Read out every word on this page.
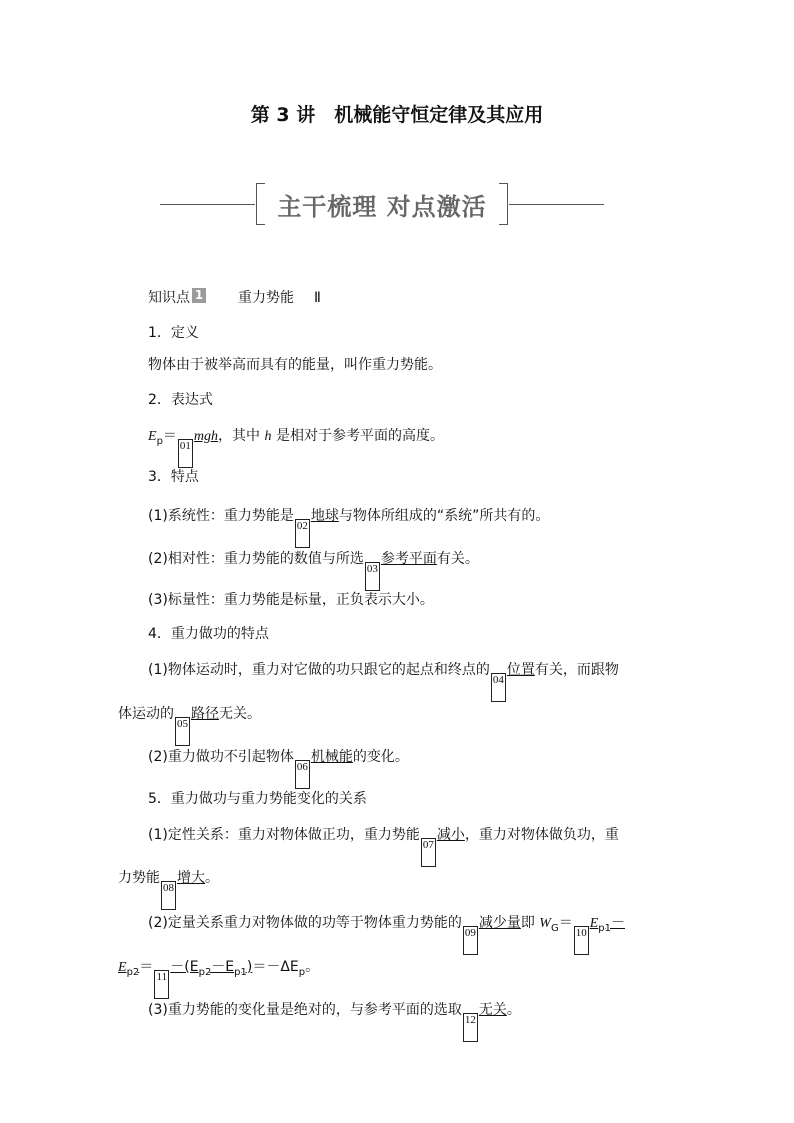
第 3 讲　机械能守恒定律及其应用
主干梳理 对点激活
知识点 1 重力势能 Ⅱ
1．定义
物体由于被举高而具有的能量，叫作重力势能。
2．表达式
$E_p=01mgh$，其中 h 是相对于参考平面的高度。
3．特点
(1)系统性：重力势能是02地球与物体所组成的“系统”所共有的。
(2)相对性：重力势能的数值与所选03参考平面有关。
(3)标量性：重力势能是标量，正负表示大小。
4．重力做功的特点
(1)物体运动时，重力对它做的功只跟它的起点和终点的04位置有关，而跟物
体运动的05路径无关。
(2)重力做功不引起物体06机械能的变化。
5．重力做功与重力势能变化的关系
(1)定性关系：重力对物体做正功，重力势能07减小，重力对物体做负功，重
力势能08增大。
(2)定量关系重力对物体做的功等于物体重力势能的09减少量即 $W_G=10E_{p1}-$
$E_{p2}=11-(E_{p2}-E_{p1})=-\Delta E_p$。
(3)重力势能的变化量是绝对的，与参考平面的选取12无关。
